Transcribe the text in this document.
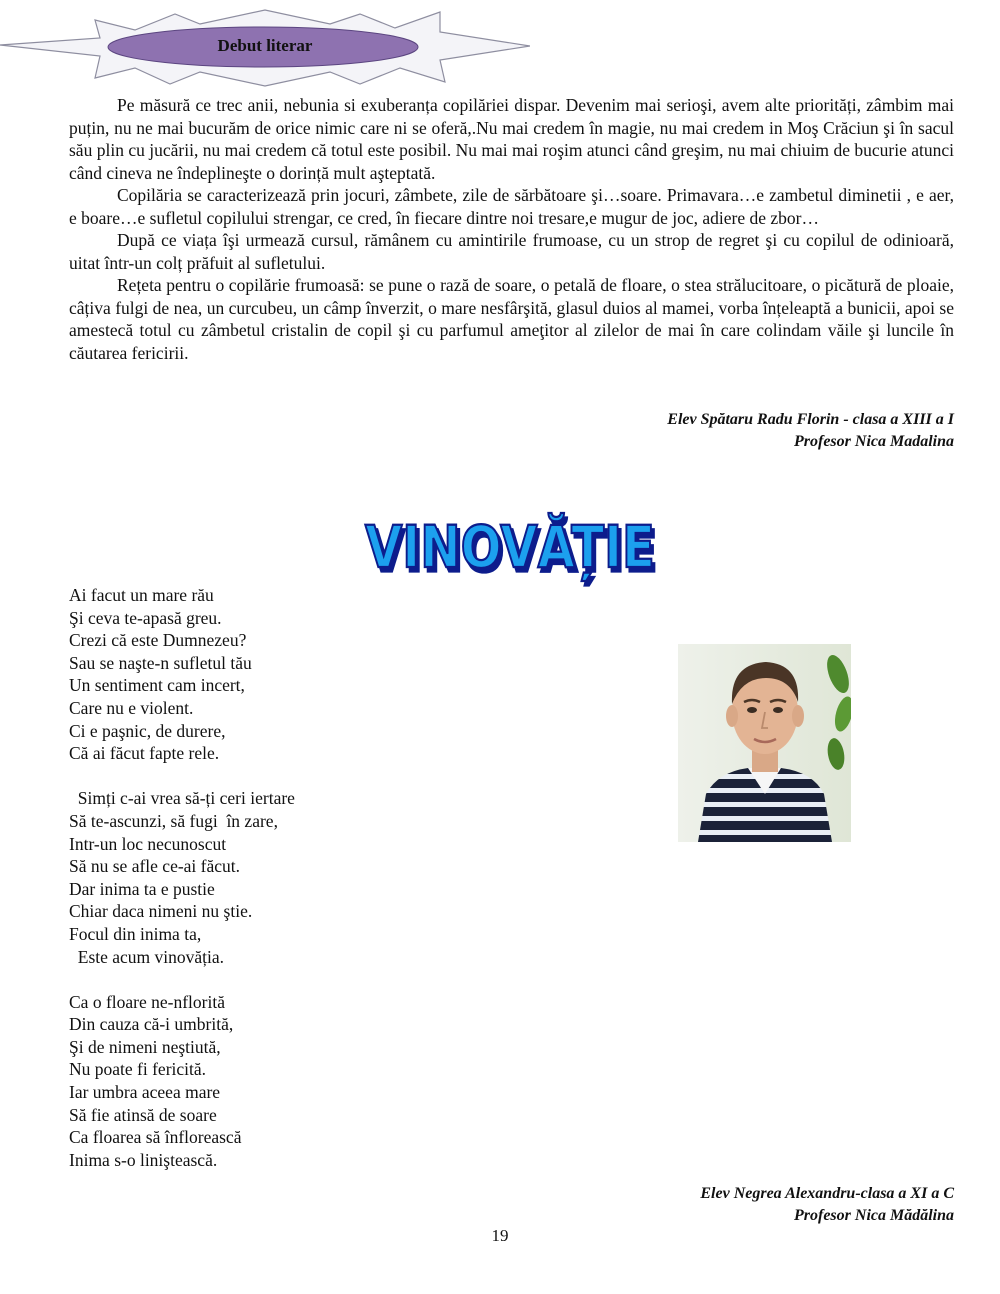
Debut literar

Pe măsură ce trec anii, nebunia si exuberanța copilăriei dispar. Devenim mai serioşi, avem alte priorități, zâmbim mai puțin, nu ne mai bucurăm de orice nimic care ni se oferă,.Nu mai credem în magie, nu mai credem in Moş Crăciun şi în sacul său plin cu jucării, nu mai credem că totul este posibil. Nu mai mai roşim atunci când greşim, nu mai chiuim de bucurie atunci când cineva ne îndeplineşte o dorință mult aşteptată.

Copilăria se caracterizează prin jocuri, zâmbete, zile de sărbătoare şi…soare. Primavara…e zambetul diminetii , e aer, e boare…e sufletul copilului strengar, ce cred, în fiecare dintre noi tresare,e mugur de joc, adiere de zbor…

După ce viața îşi urmează cursul, rămânem cu amintirile frumoase, cu un strop de regret şi cu copilul de odinioară, uitat într-un colț prăfuit al sufletului.

Rețeta pentru o copilărie frumoasă: se pune o rază de soare, o petală de floare, o stea strălucitoare, o picătură de ploaie, câțiva fulgi de nea, un curcubeu, un câmp înverzit, o mare nesfârşită, glasul duios al mamei, vorba înțeleaptă a bunicii, apoi se amestecă totul cu zâmbetul cristalin de copil şi cu parfumul ameţitor al zilelor de mai în care colindam văile şi luncile în căutarea fericirii.

Elev Spătaru Radu Florin - clasa a XIII a I
Profesor Nica Madalina
VINOVĂȚIE
Ai facut un mare rău
Şi ceva te-apasă greu.
Crezi că este Dumnezeu?
Sau se naşte-n sufletul tău
Un sentiment cam incert,
Care nu e violent.
Ci e paşnic, de durere,
Că ai făcut fapte rele.
Simți c-ai vrea să-ți ceri iertare
Să te-ascunzi, să fugi  în zare,
Intr-un loc necunoscut
Să nu se afle ce-ai făcut.
Dar inima ta e pustie
Chiar daca nimeni nu ştie.
Focul din inima ta,
Este acum vinovăția.
Ca o floare ne-nflorită
Din cauza că-i umbrită,
Şi de nimeni neştiută,
Nu poate fi fericită.
Iar umbra aceea mare
Să fie atinsă de soare
Ca floarea să înflorească
Inima s-o liniştească.
Elev Negrea Alexandru-clasa a XI a C
Profesor Nica Mădălina
19
